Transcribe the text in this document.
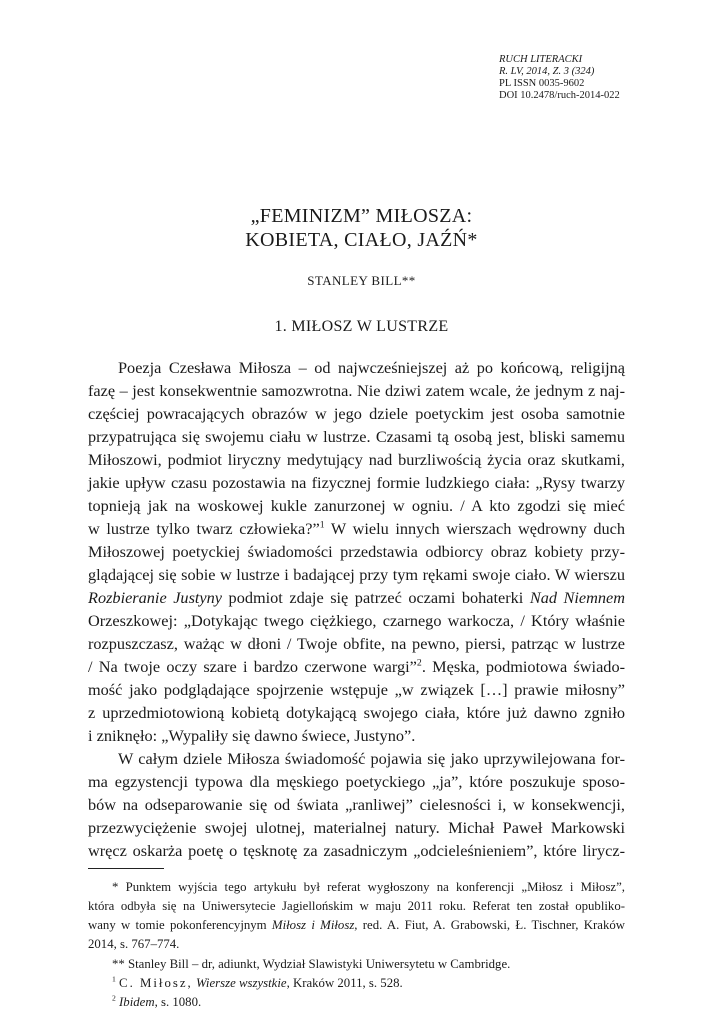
RUCH LITERACKI
R. LV, 2014, Z. 3 (324)
PL ISSN 0035-9602
DOI 10.2478/ruch-2014-022
„FEMINIZM” MIŁOSZA:
KOBIETA, CIAŁO, JAŹŃ*
STANLEY BILL**
1. MIŁOSZ W LUSTRZE
Poezja Czesława Miłosza – od najwcześniejszej aż po końcową, religijną
fazę – jest konsekwentnie samozwrotna. Nie dziwi zatem wcale, że jednym z naj-
częściej powracających obrazów w jego dziele poetyckim jest osoba samotnie
przypatrująca się swojemu ciału w lustrze. Czasami tą osobą jest, bliski samemu
Miłoszowi, podmiot liryczny medytujący nad burzliwością życia oraz skutkami,
jakie upływ czasu pozostawia na fizycznej formie ludzkiego ciała: „Rysy twarzy
topnieją jak na woskowej kukle zanurzonej w ogniu. / A kto zgodzi się mieć
w lustrze tylko twarz człowieka?”$^1$ W wielu innych wierszach wędrowny duch
Miłoszowej poetyckiej świadomości przedstawia odbiorcy obraz kobiety przy-
glądającej się sobie w lustrze i badającej przy tym rękami swoje ciało. W wierszu
Rozbieranie Justyny podmiot zdaje się patrzeć oczami bohaterki Nad Niemnem
Orzeszkowej: „Dotykając twego ciężkiego, czarnego warkocza, / Który właśnie
rozpuszczasz, ważąc w dłoni / Twoje obfite, na pewno, piersi, patrząc w lustrze
/ Na twoje oczy szare i bardzo czerwone wargi”$^2$. Męska, podmiotowa świado-
mość jako podglądające spojrzenie wstępuje „w związek […] prawie miłosny”
z uprzedmiotowioną kobietą dotykającą swojego ciała, które już dawno zgniło
i zniknęło: „Wypaliły się dawno świece, Justyno”.
W całym dziele Miłosza świadomość pojawia się jako uprzywilejowana for-
ma egzystencji typowa dla męskiego poetyckiego „ja”, które poszukuje sposo-
bów na odseparowanie się od świata „ranliwej” cielesności i, w konsekwencji,
przezwyciężenie swojej ulotnej, materialnej natury. Michał Paweł Markowski
wręcz oskarża poetę o tęsknotę za zasadniczym „odcieleśnieniem”, które lirycz-
* Punktem wyjścia tego artykułu był referat wygłoszony na konferencji „Miłosz i Miłosz”,
która odbyła się na Uniwersytecie Jagiellońskim w maju 2011 roku. Referat ten został opubliko-
wany w tomie pokonferencyjnym Miłosz i Miłosz, red. A. Fiut, A. Grabowski, Ł. Tischner, Kraków
2014, s. 767–774.
** Stanley Bill – dr, adiunkt, Wydział Slawistyki Uniwersytetu w Cambridge.
$^1$ C. Miłosz, Wiersze wszystkie, Kraków 2011, s. 528.
$^2$ Ibidem, s. 1080.
